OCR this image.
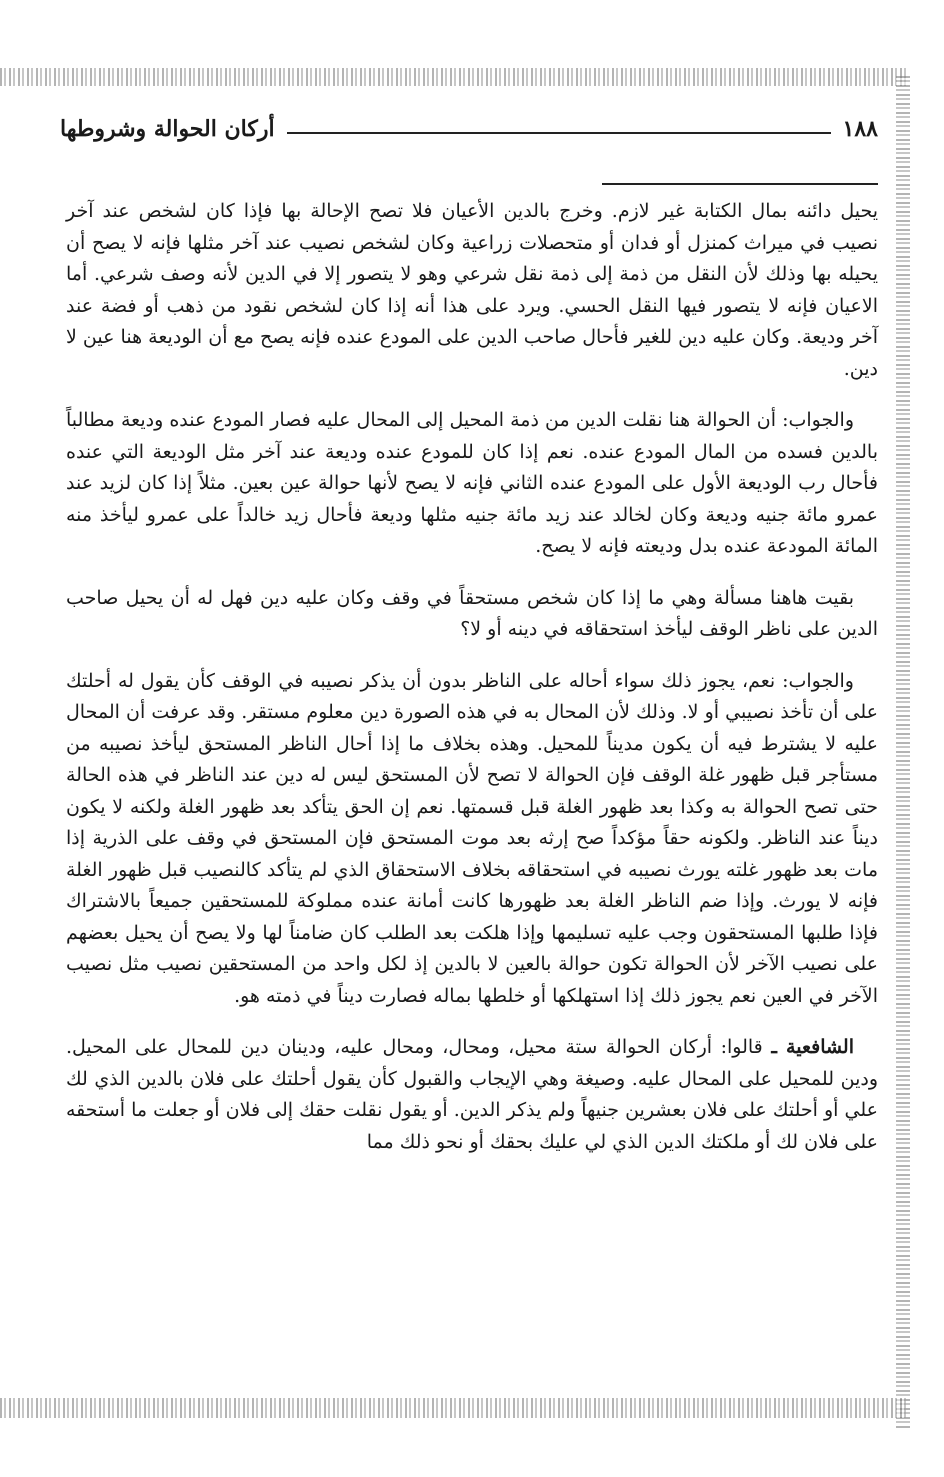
١٨٨
أركان الحوالة وشروطها

يحيل دائنه بمال الكتابة غير لازم. وخرج بالدين الأعيان فلا تصح الإحالة بها فإذا كان لشخص عند آخر نصيب في ميراث كمنزل أو فدان أو متحصلات زراعية وكان لشخص نصيب عند آخر مثلها فإنه لا يصح أن يحيله بها وذلك لأن النقل من ذمة إلى ذمة نقل شرعي وهو لا يتصور إلا في الدين لأنه وصف شرعي. أما الاعيان فإنه لا يتصور فيها النقل الحسي. ويرد على هذا أنه إذا كان لشخص نقود من ذهب أو فضة عند آخر وديعة. وكان عليه دين للغير فأحال صاحب الدين على المودع عنده فإنه يصح مع أن الوديعة هنا عين لا دين.

والجواب: أن الحوالة هنا نقلت الدين من ذمة المحيل إلى المحال عليه فصار المودع عنده وديعة مطالباً بالدين فسده من المال المودع عنده. نعم إذا كان للمودع عنده وديعة عند آخر مثل الوديعة التي عنده فأحال رب الوديعة الأول على المودع عنده الثاني فإنه لا يصح لأنها حوالة عين بعين. مثلاً إذا كان لزيد عند عمرو مائة جنيه وديعة وكان لخالد عند زيد مائة جنيه مثلها وديعة فأحال زيد خالداً على عمرو ليأخذ منه المائة المودعة عنده بدل وديعته فإنه لا يصح.

بقيت هاهنا مسألة وهي ما إذا كان شخص مستحقاً في وقف وكان عليه دين فهل له أن يحيل صاحب الدين على ناظر الوقف ليأخذ استحقاقه في دينه أو لا؟

والجواب: نعم، يجوز ذلك سواء أحاله على الناظر بدون أن يذكر نصيبه في الوقف كأن يقول له أحلتك على أن تأخذ نصيبي أو لا. وذلك لأن المحال به في هذه الصورة دين معلوم مستقر. وقد عرفت أن المحال عليه لا يشترط فيه أن يكون مديناً للمحيل. وهذه بخلاف ما إذا أحال الناظر المستحق ليأخذ نصيبه من مستأجر قبل ظهور غلة الوقف فإن الحوالة لا تصح لأن المستحق ليس له دين عند الناظر في هذه الحالة حتى تصح الحوالة به وكذا بعد ظهور الغلة قبل قسمتها. نعم إن الحق يتأكد بعد ظهور الغلة ولكنه لا يكون ديناً عند الناظر. ولكونه حقاً مؤكداً صح إرثه بعد موت المستحق فإن المستحق في وقف على الذرية إذا مات بعد ظهور غلته يورث نصيبه في استحقاقه بخلاف الاستحقاق الذي لم يتأكد كالنصيب قبل ظهور الغلة فإنه لا يورث. وإذا ضم الناظر الغلة بعد ظهورها كانت أمانة عنده مملوكة للمستحقين جميعاً بالاشتراك فإذا طلبها المستحقون وجب عليه تسليمها وإذا هلكت بعد الطلب كان ضامناً لها ولا يصح أن يحيل بعضهم على نصيب الآخر لأن الحوالة تكون حوالة بالعين لا بالدين إذ لكل واحد من المستحقين نصيب مثل نصيب الآخر في العين نعم يجوز ذلك إذا استهلكها أو خلطها بماله فصارت ديناً في ذمته هو.

الشافعية ـ قالوا: أركان الحوالة ستة محيل، ومحال، ومحال عليه، ودينان دين للمحال على المحيل. ودين للمحيل على المحال عليه. وصيغة وهي الإيجاب والقبول كأن يقول أحلتك على فلان بالدين الذي لك علي أو أحلتك على فلان بعشرين جنيهاً ولم يذكر الدين. أو يقول نقلت حقك إلى فلان أو جعلت ما أستحقه على فلان لك أو ملكتك الدين الذي لي عليك بحقك أو نحو ذلك مما
